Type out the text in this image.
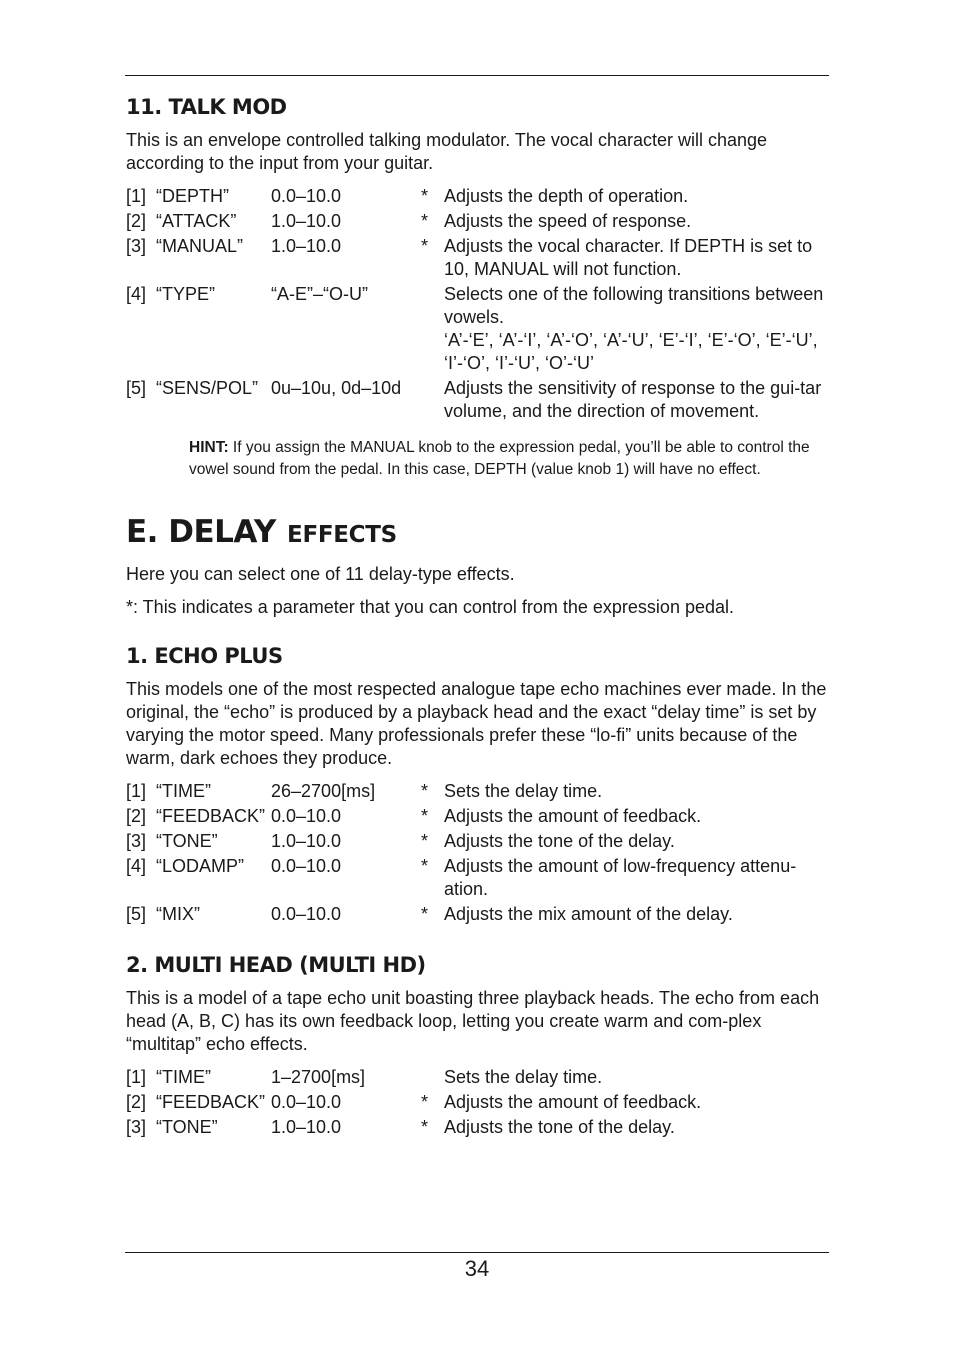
11. TALK MOD

This is an envelope controlled talking modulator. The vocal character will change according to the input from your guitar.

[1] “DEPTH”	0.0–10.0	* Adjusts the depth of operation.
[2] “ATTACK”	1.0–10.0	* Adjusts the speed of response.
[3] “MANUAL”	1.0–10.0	* Adjusts the vocal character. If DEPTH is set to 10, MANUAL will not function.
[4] “TYPE”	“A-E”–“O-U”	Selects one of the following transitions between vowels.
‘A’-‘E’, ‘A’-‘I’, ‘A’-‘O’, ‘A’-‘U’, ‘E’-‘I’, ‘E’-‘O’, ‘E’-‘U’, ‘I’-‘O’, ‘I’-‘U’, ‘O’-‘U’
[5] “SENS/POL” 0u–10u, 0d–10d	Adjusts the sensitivity of response to the gui-tar volume, and the direction of movement.
HINT: If you assign the MANUAL knob to the expression pedal, you’ll be able to control the vowel sound from the pedal. In this case, DEPTH (value knob 1) will have no effect.
E. DELAY EFFECTS

Here you can select one of 11 delay-type effects.

*: This indicates a parameter that you can control from the expression pedal.

1. ECHO PLUS

This models one of the most respected analogue tape echo machines ever made. In the original, the “echo” is produced by a playback head and the exact “delay time” is set by varying the motor speed. Many professionals prefer these “lo-fi” units because of the warm, dark echoes they produce.

[1] “TIME”	26–2700[ms]	* Sets the delay time.
[2] “FEEDBACK” 0.0–10.0	* Adjusts the amount of feedback.
[3] “TONE”	1.0–10.0	* Adjusts the tone of the delay.
[4] “LODAMP”	0.0–10.0	* Adjusts the amount of low-frequency attenu-ation.
[5] “MIX”	0.0–10.0	* Adjusts the mix amount of the delay.
2. MULTI HEAD (MULTI HD)

This is a model of a tape echo unit boasting three playback heads. The echo from each head (A, B, C) has its own feedback loop, letting you create warm and com-plex “multitap” echo effects.

[1] “TIME”	1–2700[ms]	Sets the delay time.
[2] “FEEDBACK” 0.0–10.0	* Adjusts the amount of feedback.
[3] “TONE”	1.0–10.0	* Adjusts the tone of the delay.
34
